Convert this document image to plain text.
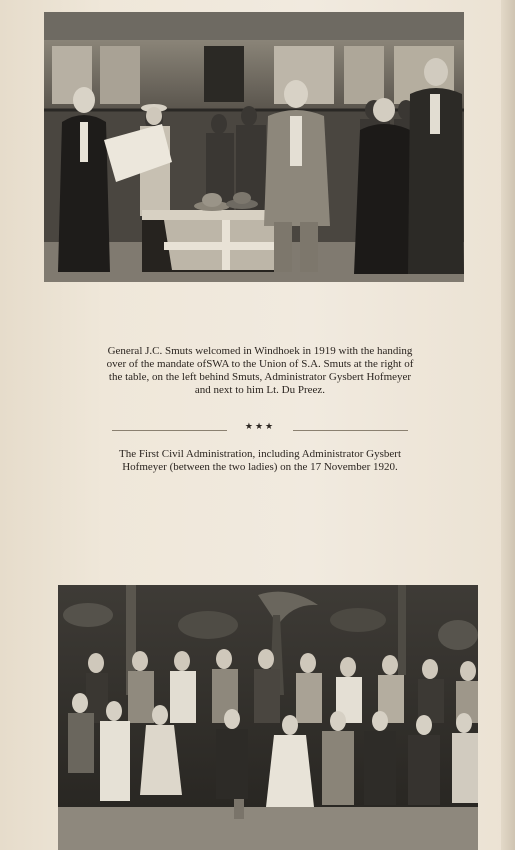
General J.C. Smuts welcomed in Windhoek in 1919 with the handing over of the mandate ofSWA to the Union of S.A. Smuts at the right of the table, on the left behind Smuts, Administrator Gysbert Hofmeyer and next to him Lt. Du Preez.

★★★

The First Civil Administration, including Administrator Gysbert Hofmeyer (between the two ladies) on the 17 November 1920.
